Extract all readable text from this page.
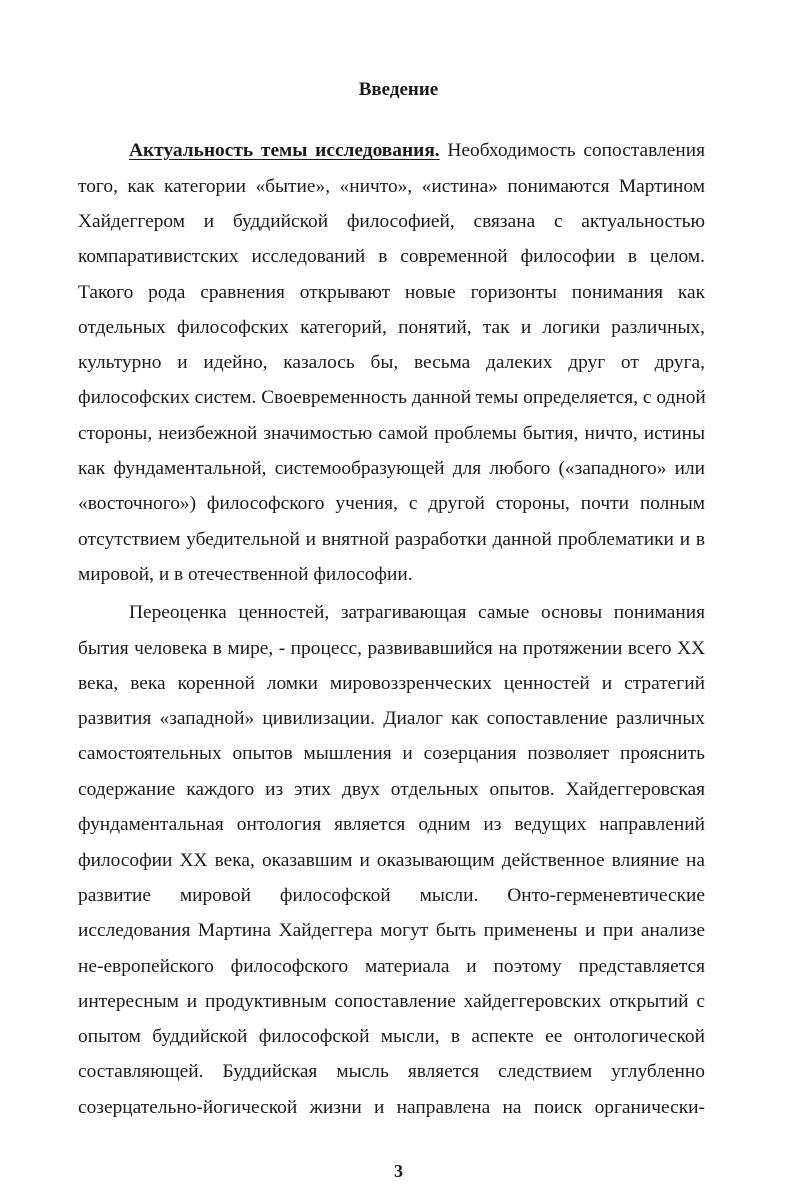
Введение
Актуальность темы исследования. Необходимость сопоставления
того, как категории «бытие», «ничто», «истина» понимаются Мартином
Хайдеггером и буддийской философией, связана с актуальностью
компаративистских исследований в современной философии в целом.
Такого рода сравнения открывают новые горизонты понимания как
отдельных философских категорий, понятий, так и логики различных,
культурно и идейно, казалось бы, весьма далеких друг от друга,
философских систем. Своевременность данной темы определяется, с одной
стороны, неизбежной значимостью самой проблемы бытия, ничто, истины
как фундаментальной, системообразующей для любого («западного» или
«восточного») философского учения, с другой стороны, почти полным
отсутствием убедительной и внятной разработки данной проблематики и в
мировой, и в отечественной философии.
Переоценка ценностей, затрагивающая самые основы понимания
бытия человека в мире, - процесс, развивавшийся на протяжении всего XX
века, века коренной ломки мировоззренческих ценностей и стратегий
развития «западной» цивилизации. Диалог как сопоставление различных
самостоятельных опытов мышления и созерцания позволяет прояснить
содержание каждого из этих двух отдельных опытов. Хайдеггеровская
фундаментальная онтология является одним из ведущих направлений
философии XX века, оказавшим и оказывающим действенное влияние на
развитие мировой философской мысли. Онто-герменевтические
исследования Мартина Хайдеггера могут быть применены и при анализе
не-европейского философского материала и поэтому представляется
интересным и продуктивным сопоставление хайдеггеровских открытий с
опытом буддийской философской мысли, в аспекте ее онтологической
составляющей. Буддийская мысль является следствием углубленно
созерцательно-йогической жизни и направлена на поиск органически-
3
